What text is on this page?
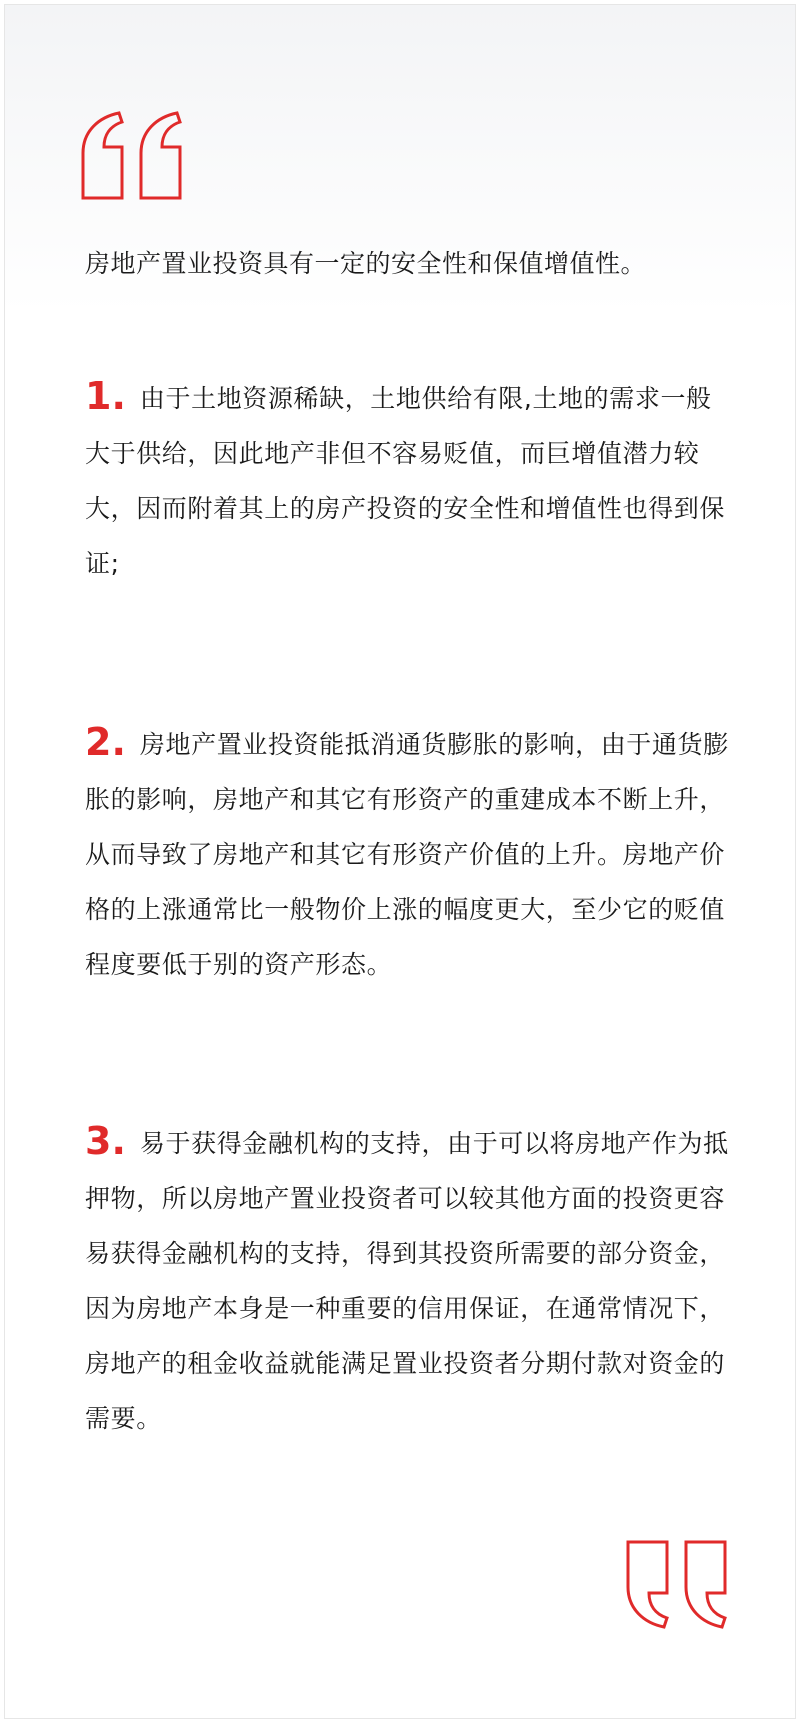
房地产置业投资具有一定的安全性和保值增值性。
1. 由于土地资源稀缺，土地供给有限,土地的需求一般大于供给，因此地产非但不容易贬值，而巨增值潜力较大，因而附着其上的房产投资的安全性和增值性也得到保证;
2. 房地产置业投资能抵消通货膨胀的影响，由于通货膨胀的影响，房地产和其它有形资产的重建成本不断上升，从而导致了房地产和其它有形资产价值的上升。房地产价格的上涨通常比一般物价上涨的幅度更大，至少它的贬值程度要低于别的资产形态。
3. 易于获得金融机构的支持，由于可以将房地产作为抵押物，所以房地产置业投资者可以较其他方面的投资更容易获得金融机构的支持，得到其投资所需要的部分资金，因为房地产本身是一种重要的信用保证，在通常情况下，房地产的租金收益就能满足置业投资者分期付款对资金的需要。
